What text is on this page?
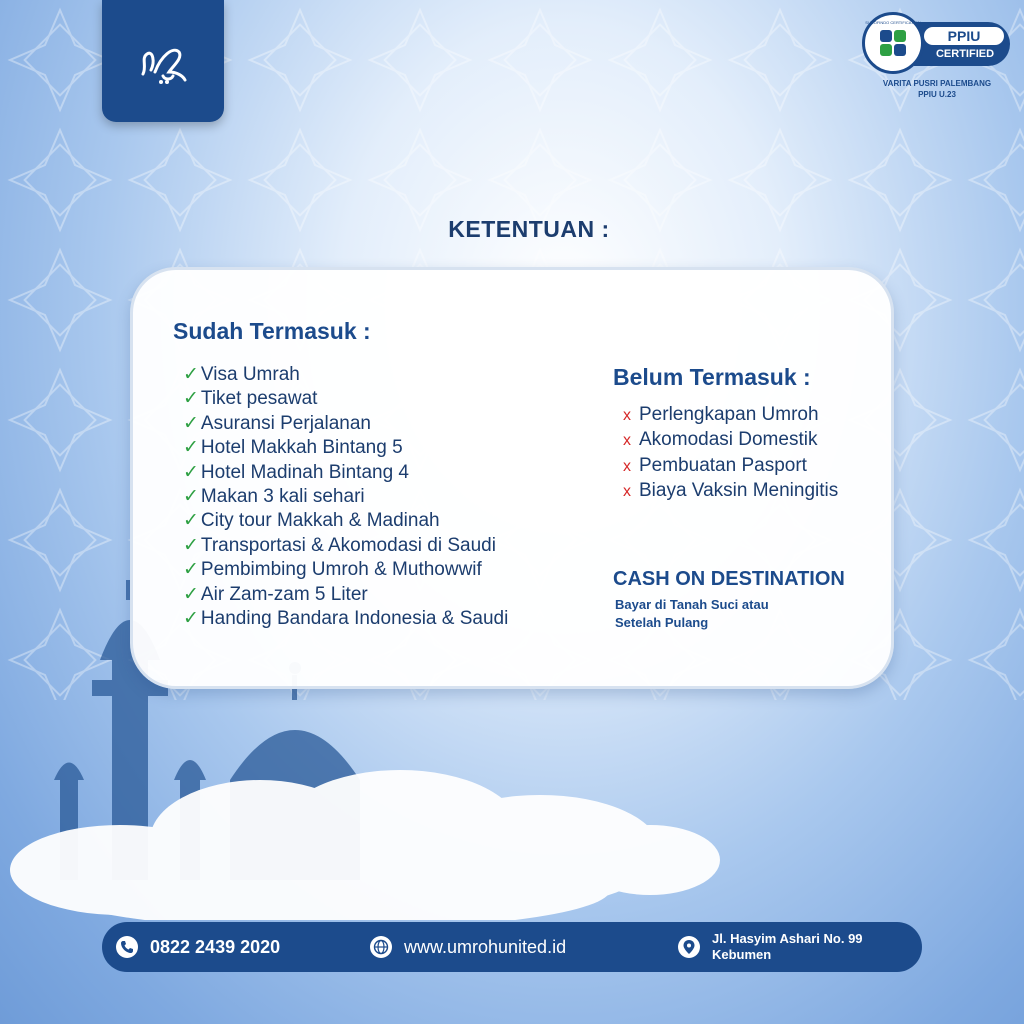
PPIU
CERTIFIED
SUCOFINDO CERTIFICATION
VARITA PUSRI PALEMBANG
PPIU U.23
KETENTUAN :
Sudah Termasuk :
✓ Visa Umrah
✓ Tiket pesawat
✓ Asuransi Perjalanan
✓ Hotel Makkah Bintang 5
✓ Hotel Madinah Bintang 4
✓ Makan 3 kali sehari
✓ City tour Makkah & Madinah
✓ Transportasi & Akomodasi di Saudi
✓ Pembimbing Umroh & Muthowwif
✓ Air Zam-zam 5 Liter
✓ Handing Bandara Indonesia & Saudi
Belum Termasuk :
x Perlengkapan Umroh
x Akomodasi Domestik
x Pembuatan Pasport
x Biaya Vaksin Meningitis
CASH ON DESTINATION
Bayar di Tanah Suci atau
Setelah Pulang
0822 2439 2020	www.umrohunited.id	Jl. Hasyim Ashari No. 99
Kebumen
